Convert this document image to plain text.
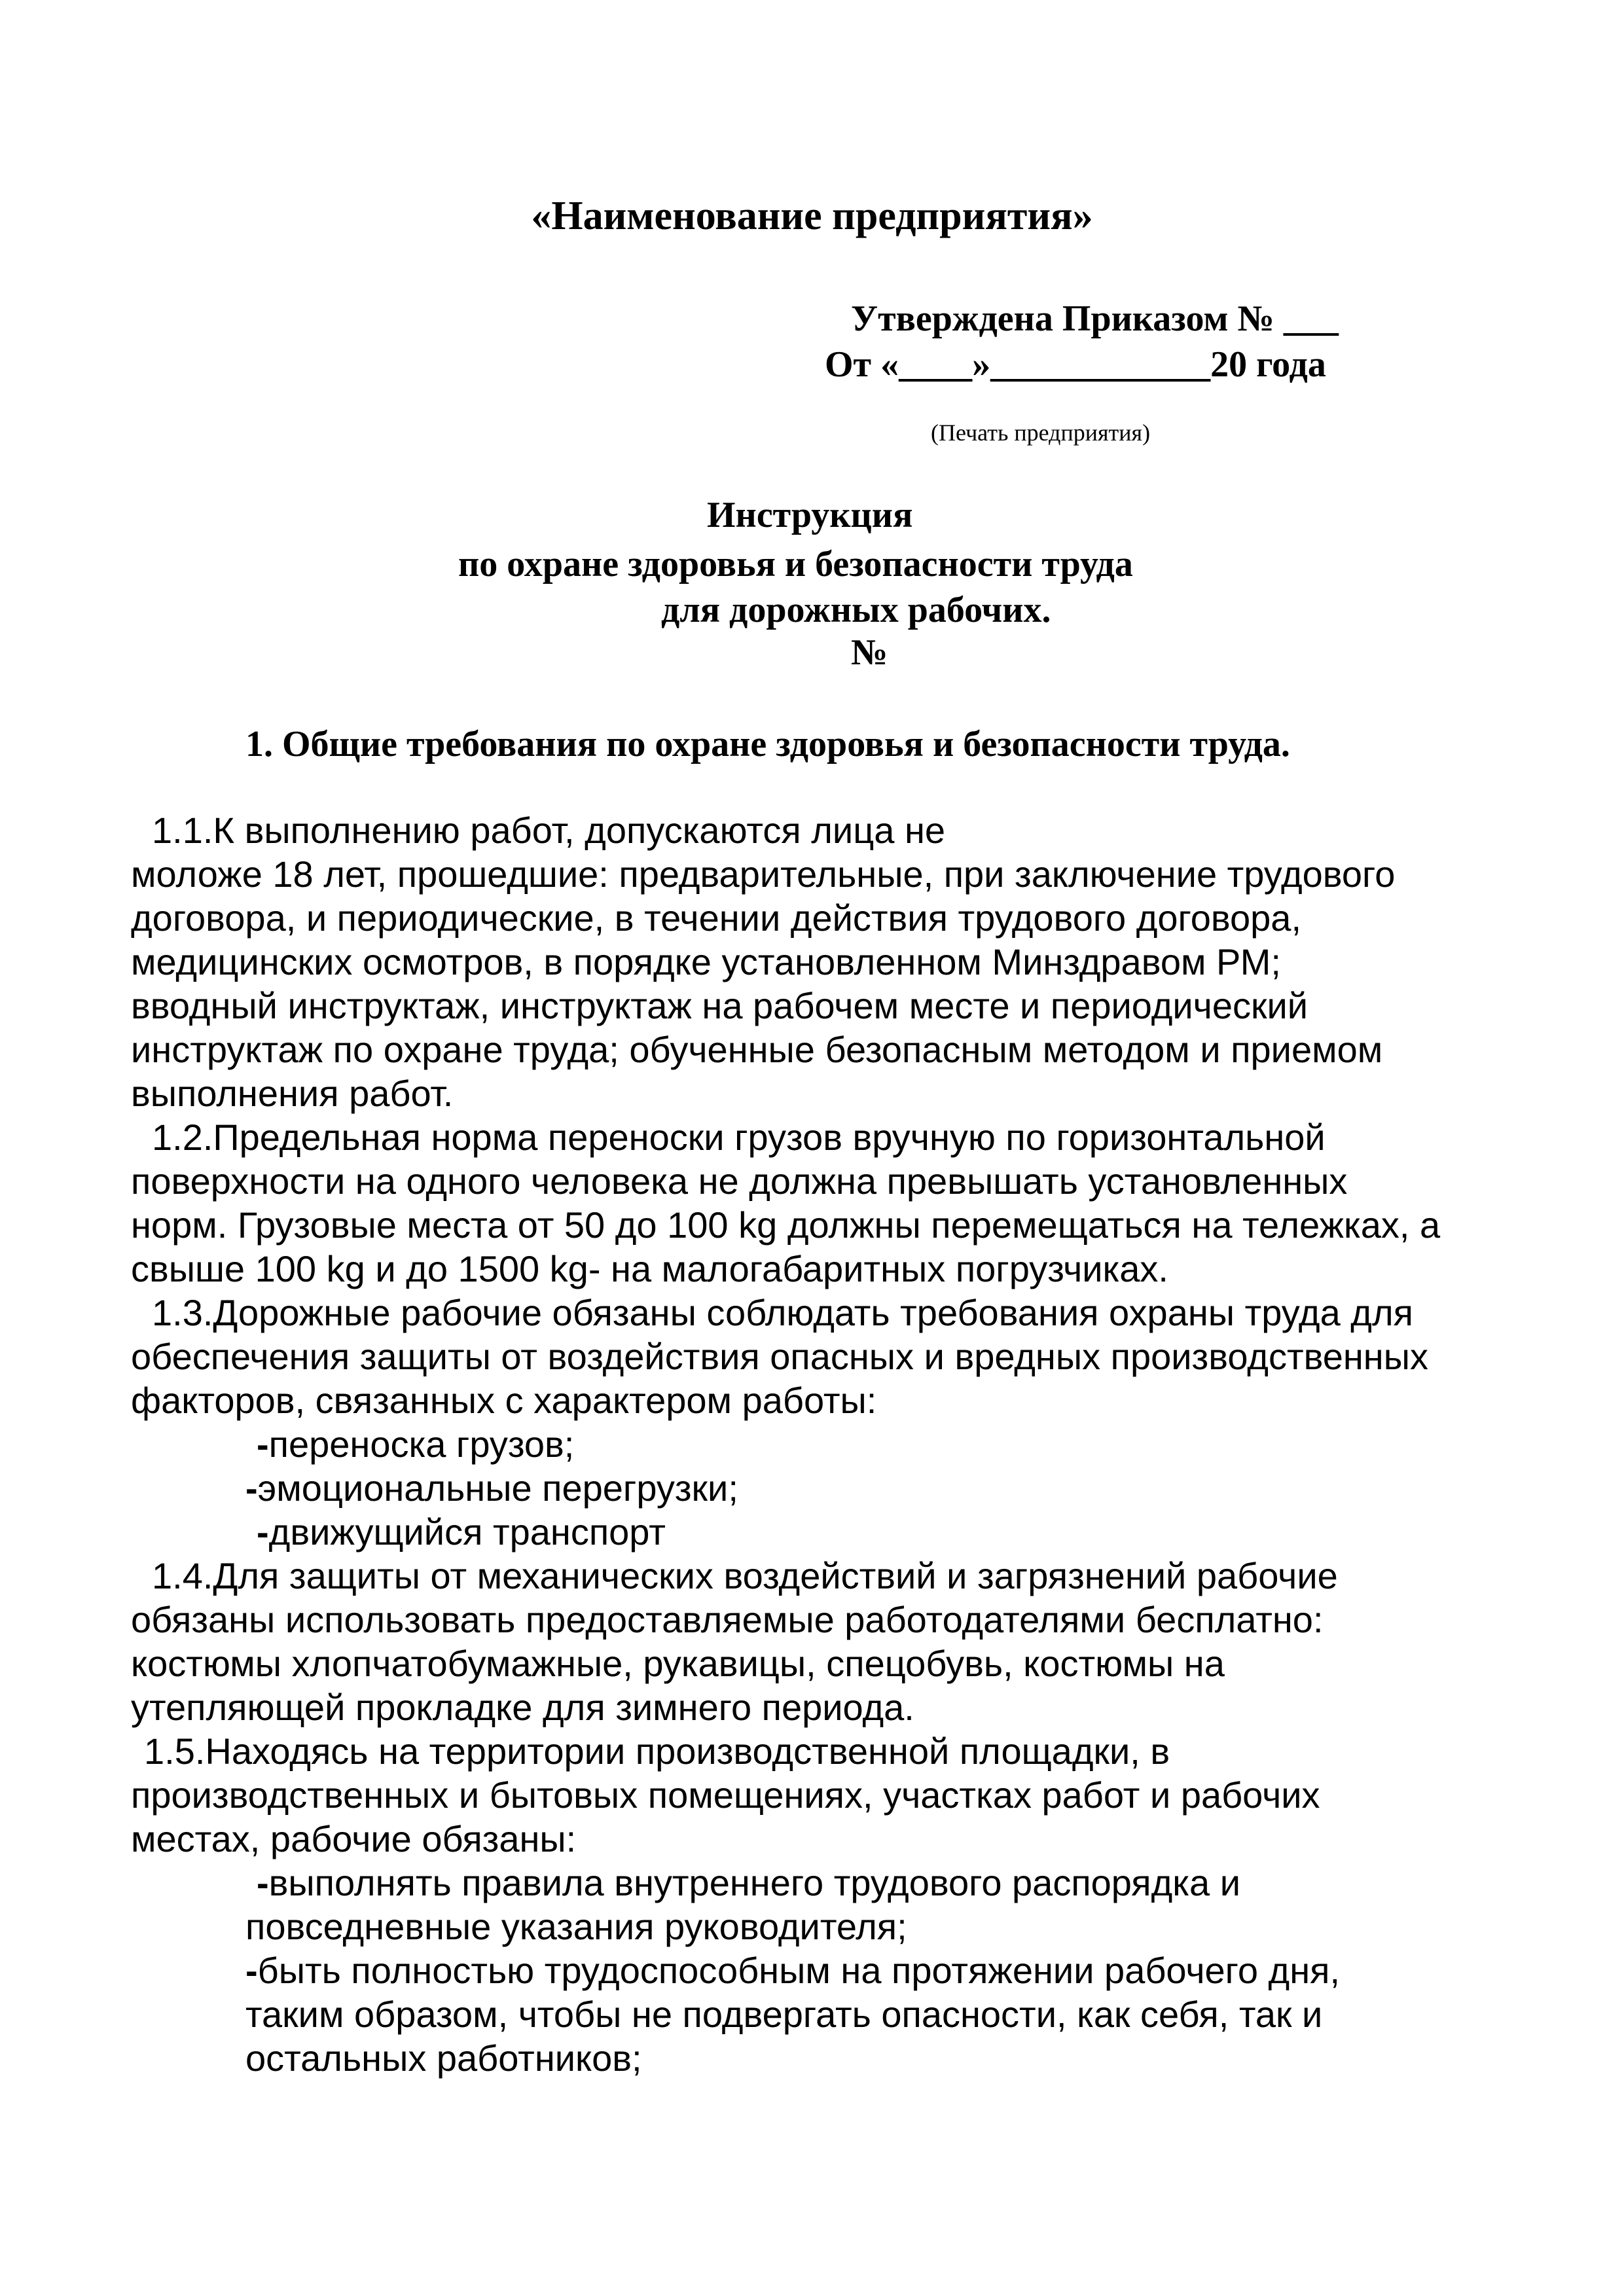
«Наименование предприятия»
Утверждена Приказом № ___
От «____»____________20 года
(Печать предприятия)
Инструкция
по охране здоровья и безопасности труда
для дорожных рабочих.
№
1. Общие требования по охране здоровья и безопасности труда.
1.1.К выполнению работ, допускаются лица не
моложе 18 лет, прошедшие: предварительные, при заключение трудового
договора, и периодические, в течении действия трудового договора,
медицинских осмотров, в порядке установленном Минздравом РМ;
вводный инструктаж, инструктаж на рабочем месте и периодический
инструктаж по охране труда; обученные безопасным методом и приемом
выполнения работ.
1.2.Предельная норма переноски грузов вручную по горизонтальной
поверхности на одного человека не должна превышать установленных
норм. Грузовые места от 50 до 100 kg должны перемещаться на тележках, а
свыше 100 kg и до 1500 kg- на малогабаритных погрузчиках.
1.3.Дорожные рабочие обязаны соблюдать требования охраны труда для
обеспечения защиты от воздействия опасных и вредных производственных
факторов, связанных с характером работы:
-переноска грузов;
-эмоциональные перегрузки;
-движущийся транспорт
1.4.Для защиты от механических воздействий и загрязнений рабочие
обязаны использовать предоставляемые работодателями бесплатно:
костюмы хлопчатобумажные, рукавицы, спецобувь, костюмы на
утепляющей прокладке для зимнего периода.
1.5.Находясь на территории производственной площадки, в
производственных и бытовых помещениях, участках работ и рабочих
местах, рабочие обязаны:
-выполнять правила внутреннего трудового распорядка и
повседневные указания руководителя;
-быть полностью трудоспособным на протяжении рабочего дня,
таким образом, чтобы не подвергать опасности, как себя, так и
остальных работников;
